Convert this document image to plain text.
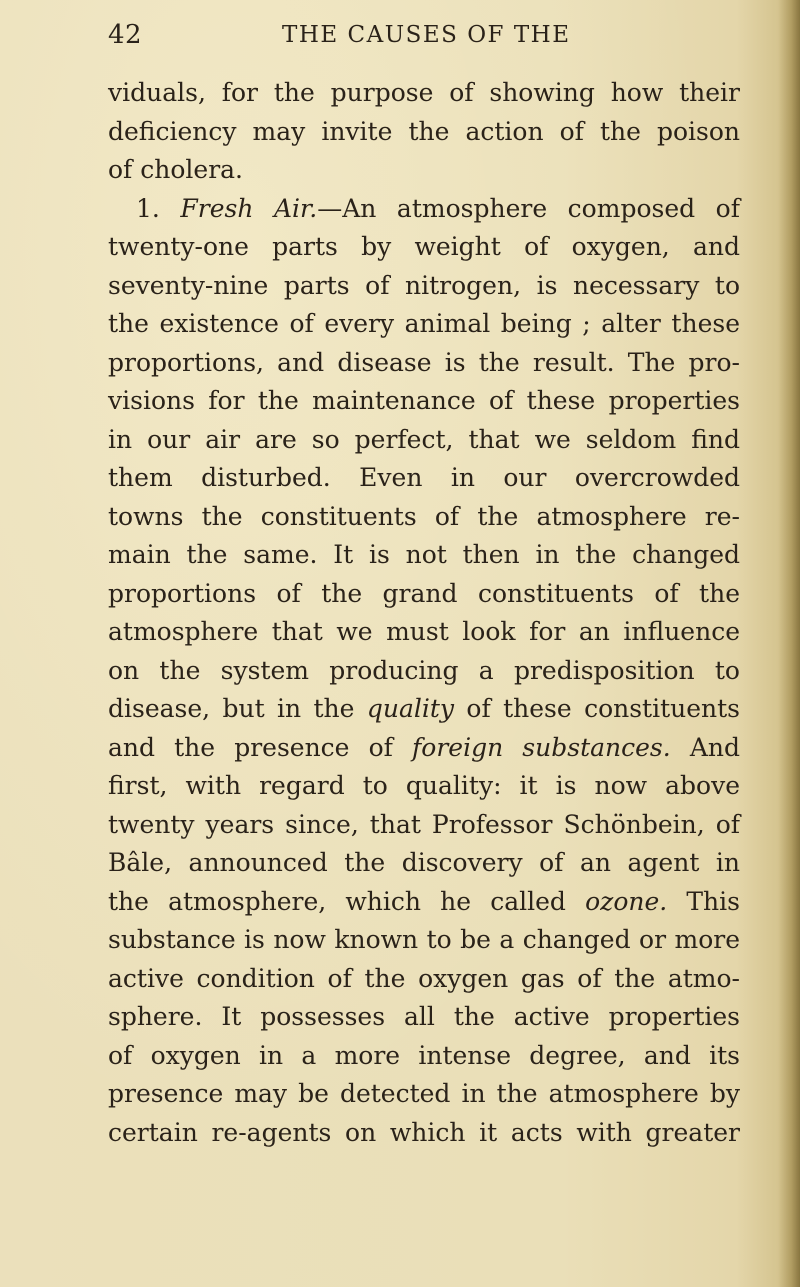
42	THE CAUSES OF THE
viduals, for the purpose of showing how their
deficiency may invite the action of the poison
of cholera.
1. Fresh Air.—An atmosphere composed of
twenty-one parts by weight of oxygen, and
seventy-nine parts of nitrogen, is necessary to
the existence of every animal being ; alter these
proportions, and disease is the result. The pro-
visions for the maintenance of these properties
in our air are so perfect, that we seldom find
them disturbed. Even in our overcrowded
towns the constituents of the atmosphere re-
main the same. It is not then in the changed
proportions of the grand constituents of the
atmosphere that we must look for an influence
on the system producing a predisposition to
disease, but in the quality of these constituents
and the presence of foreign substances. And
first, with regard to quality: it is now above
twenty years since, that Professor Schönbein, of
Bâle, announced the discovery of an agent in
the atmosphere, which he called ozone. This
substance is now known to be a changed or more
active condition of the oxygen gas of the atmo-
sphere. It possesses all the active properties
of oxygen in a more intense degree, and its
presence may be detected in the atmosphere by
certain re-agents on which it acts with greater
